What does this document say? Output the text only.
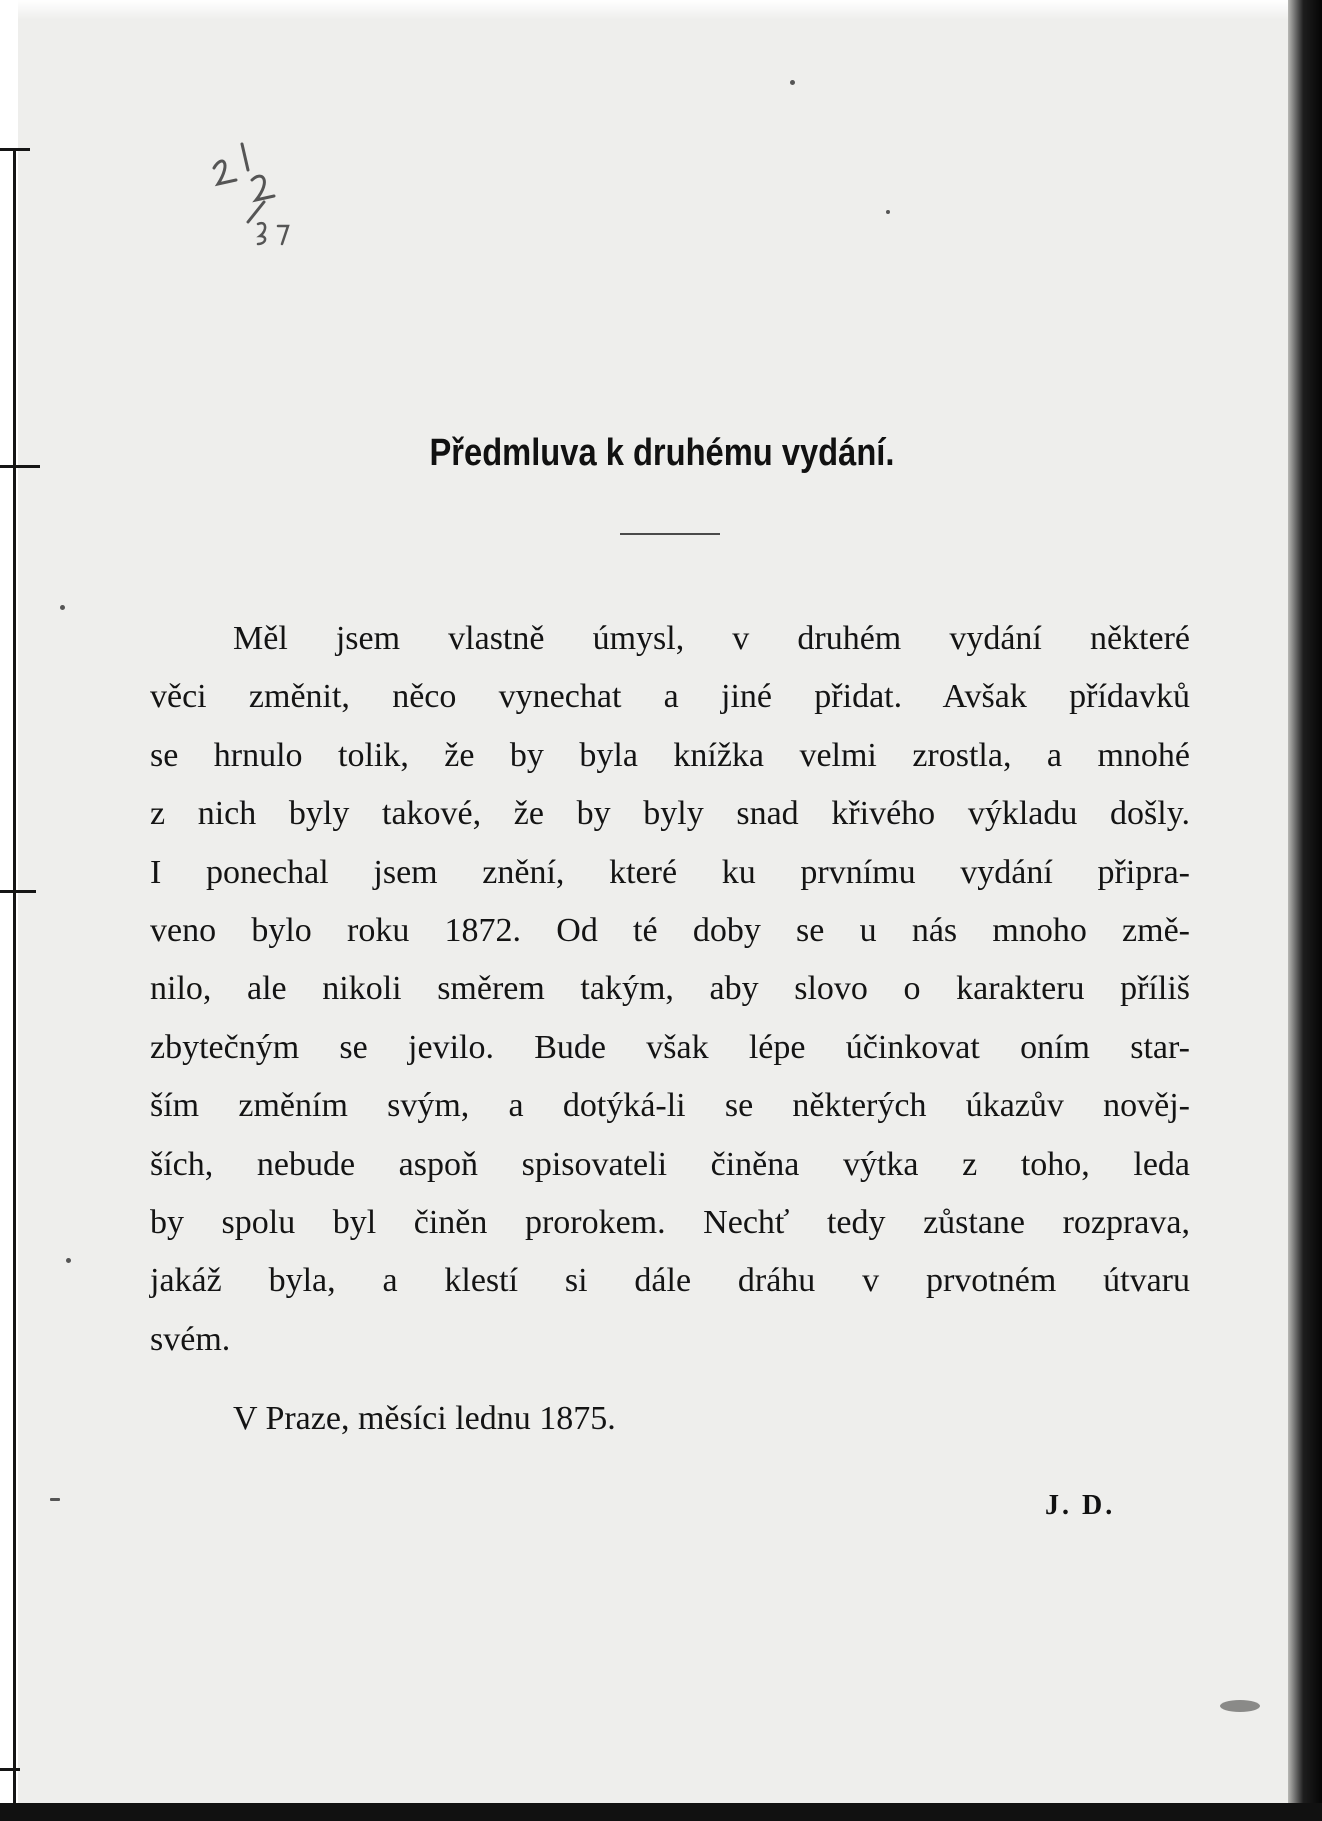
Předmluva k druhému vydání.
Měl jsem vlastně úmysl, v druhém vydání některé
věci změnit, něco vynechat a jiné přidat. Avšak přídavků
se hrnulo tolik, že by byla knížka velmi zrostla, a mnohé
z nich byly takové, že by byly snad křivého výkladu došly.
I ponechal jsem znění, které ku prvnímu vydání připra-
veno bylo roku 1872. Od té doby se u nás mnoho změ-
nilo, ale nikoli směrem takým, aby slovo o karakteru příliš
zbytečným se jevilo. Bude však lépe účinkovat oním star-
ším změním svým, a dotýká-li se některých úkazův nověj-
ších, nebude aspoň spisovateli činěna výtka z toho, leda
by spolu byl činěn prorokem. Nechť tedy zůstane rozprava,
jakáž byla, a klestí si dále dráhu v prvotném útvaru
svém.
V Praze, měsíci lednu 1875.
J. D.
